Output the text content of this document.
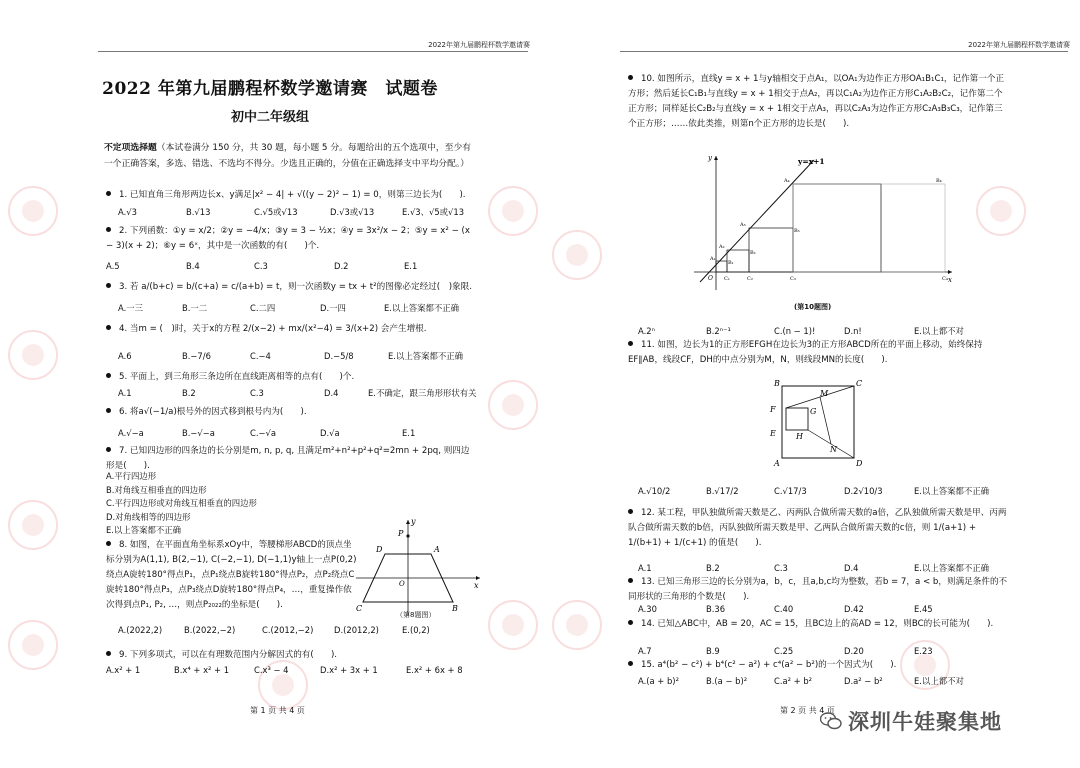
2022年第九届鹏程杯数学邀请赛
2022 年第九届鹏程杯数学邀请赛　试题卷
初中二年级组
不定项选择题（本试卷满分 150 分，共 30 题，每小题 5 分。每题给出的五个选项中，至少有一个正确答案，多选、错选、不选均不得分。少选且正确的，分值在正确选择支中平均分配。）
1. 已知直角三角形两边长x、y满足|x² − 4| + √((y − 2)² − 1) = 0，则第三边长为(　　).
A.√3	B.√13	C.√5或√13	D.√3或√13	E.√3、√5或√13
2. 下列函数：①y = x/2；②y = −4/x；③y = 3 − ½x；④y = 3x²/x − 2；⑤y = x² − (x − 3)(x + 2)；⑥y = 6ˣ，其中是一次函数的有(　　)个.
A.5	B.4	C.3	D.2	E.1
3. 若 a/(b+c) = b/(c+a) = c/(a+b) = t，则一次函数y = tx + t²的图像必定经过(　)象限.
A.一三	B.一二	C.二四	D.一四	E.以上答案都不正确
4. 当m = (　)时，关于x的方程 2/(x−2) + mx/(x²−4) = 3/(x+2) 会产生增根.
A.6	B.−7/6	C.−4	D.−5/8	E.以上答案都不正确
5. 平面上，到三角形三条边所在直线距离相等的点有(　　)个.
A.1	B.2	C.3	D.4	E.不确定，跟三角形形状有关
6. 将a√(−1/a)根号外的因式移到根号内为(　　).
A.√−a	B.−√−a	C.−√a	D.√a	E.1
7. 已知四边形的四条边的长分别是m, n, p, q, 且满足m²+n²+p²+q²=2mn + 2pq, 则四边形是(　　).
A.平行四边形
B.对角线互相垂直的四边形
C.平行四边形或对角线互相垂直的四边形
D.对角线相等的四边形
E.以上答案都不正确
8. 如图，在平面直角坐标系xOy中，等腰梯形ABCD的顶点坐标分别为A(1,1), B(2,−1), C(−2,−1), D(−1,1)y轴上一点P(0,2)绕点A旋转180°得点P₁，点P₁绕点B旋转180°得点P₂，点P₂绕点C旋转180°得点P₃，点P₃绕点D旋转180°得点P₄，…，重复操作依次得到点P₁, P₂, …，则点P₂₀₂₂的坐标是(　　).
A.(2022,2)	B.(2022,−2)	C.(2012,−2) D.(2012,2)	E.(0,2)
P
D	A
C	B
O	x
y
（第8题图）
9. 下列多项式，可以在有理数范围内分解因式的有(　　).
A.x² + 1	B.x⁴ + x² + 1	C.x³ − 4	D.x² + 3x + 1	E.x² + 6x + 8
第 1 页 共 4 页
2022年第九届鹏程杯数学邀请赛
10. 如图所示，直线y = x + 1与y轴相交于点A₁，以OA₁为边作正方形OA₁B₁C₁，记作第一个正方形；然后延长C₁B₁与直线y = x + 1相交于点A₂，再以C₁A₂为边作正方形C₁A₂B₂C₂，记作第二个正方形；同样延长C₂B₂与直线y = x + 1相交于点A₃，再以C₂A₃为边作正方形C₂A₃B₃C₃，记作第三个正方形；……依此类推，则第n个正方形的边长是(　　).
y=x+1
y
x
O
A₁
A₂
A₃
A₄
B₁
B₂
B₃
B₄
C₁	C₂	C₃	C₄
(第10题图)
A.2ⁿ	B.2ⁿ⁻¹	C.(n − 1)!	D.n!	E.以上都不对
11. 如图，边长为1的正方形EFGH在边长为3的正方形ABCD所在的平面上移动，始终保持EF∥AB，线段CF，DH的中点分别为M，N，则线段MN的长度(　　).
B	C
A	D
F	G
E	H
M
N
A.√10/2	B.√17/2	C.√17/3	D.2√10/3	E.以上答案都不正确
12. 某工程，甲队独做所需天数是乙、丙两队合做所需天数的a倍，乙队独做所需天数是甲、丙两队合做所需天数的b倍，丙队独做所需天数是甲、乙两队合做所需天数的c倍，则 1/(a+1) + 1/(b+1) + 1/(c+1) 的值是(　　).
A.1	B.2	C.3	D.4	E.以上答案都不正确
13. 已知三角形三边的长分别为a，b，c，且a,b,c均为整数，若b = 7，a < b，则满足条件的不同形状的三角形的个数是(　　).
A.30	B.36	C.40	D.42	E.45
14. 已知△ABC中，AB = 20，AC = 15，且BC边上的高AD = 12，则BC的长可能为(　　).
A.7	B.9	C.25	D.20	E.23
15. a⁴(b² − c²) + b⁴(c² − a²) + c⁴(a² − b²)的一个因式为(　　).
A.(a + b)²	B.(a − b)²	C.a² + b²	D.a² − b²	E.以上都不对
第 2 页 共 4 页 深圳牛娃聚集地
